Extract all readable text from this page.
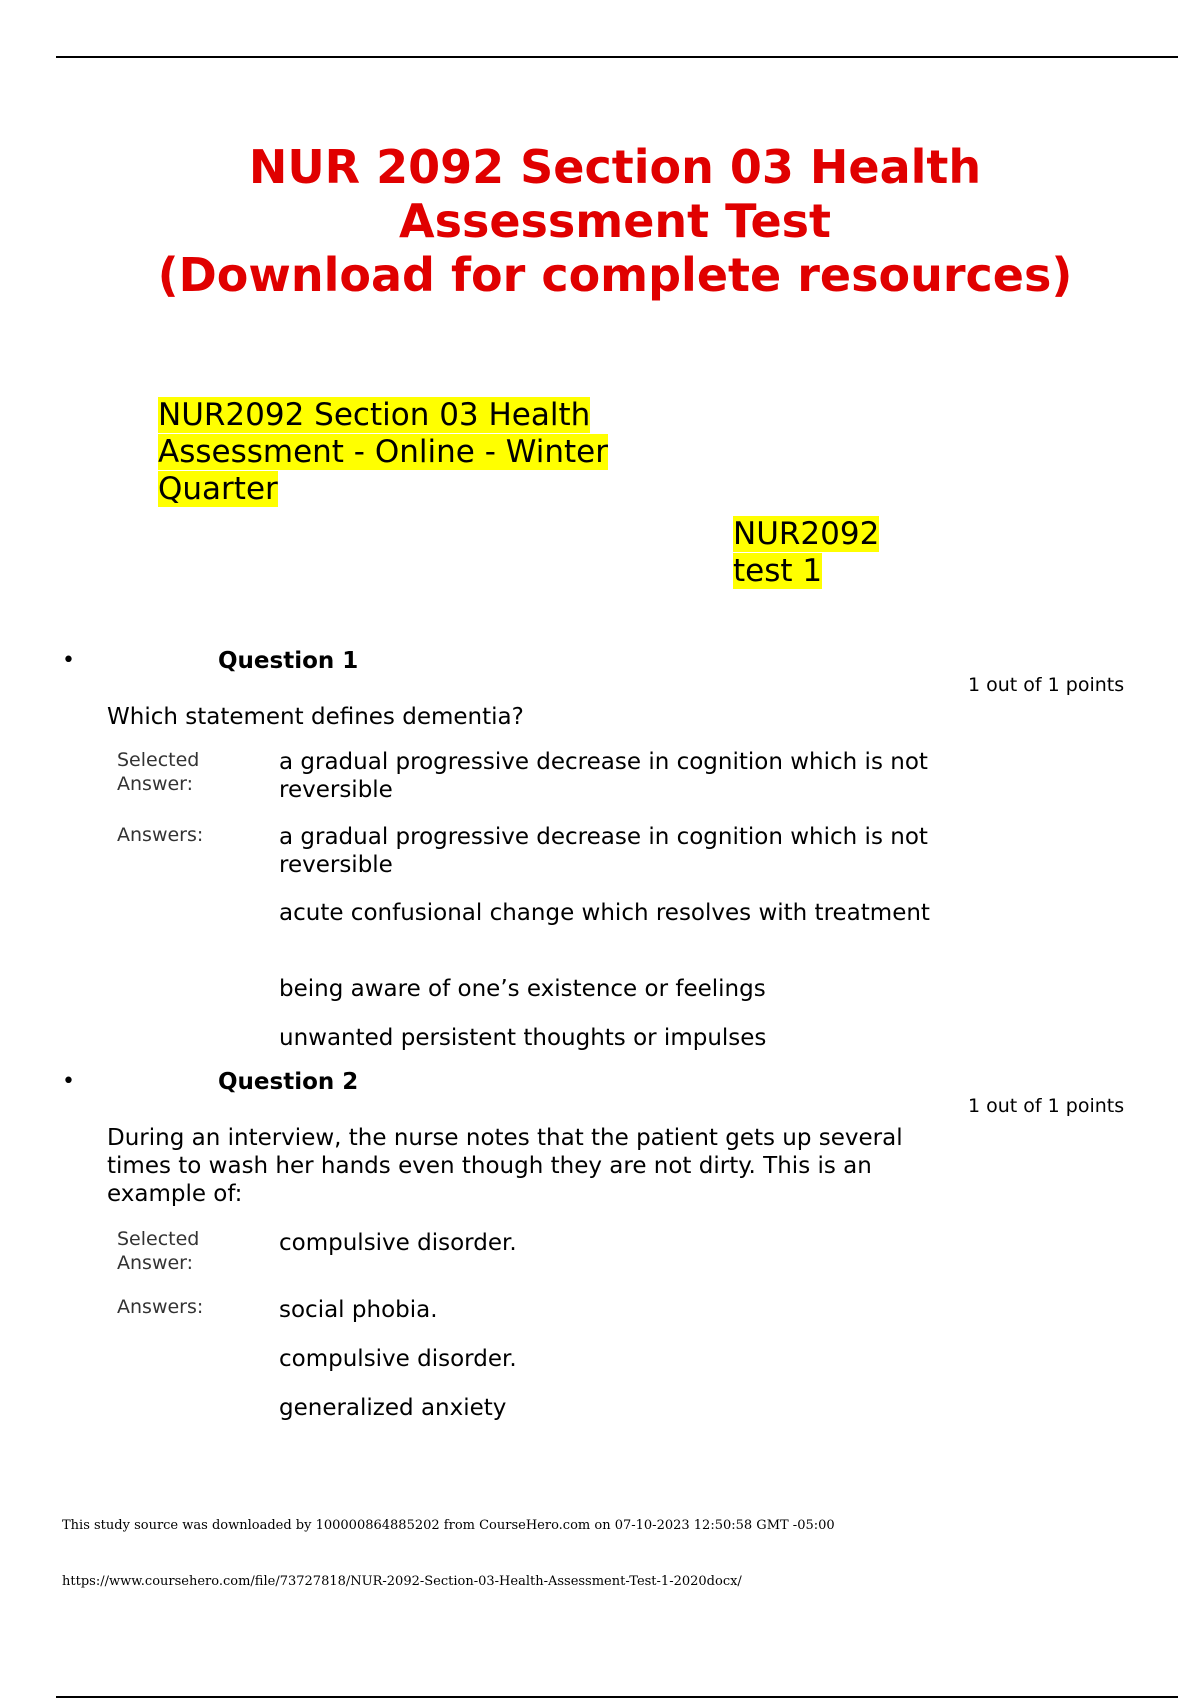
NUR 2092 Section 03 Health
Assessment Test
(Download for complete resources)
NUR2092 Section 03 Health Assessment - Online - Winter Quarter
NUR2092 test 1
•	Question 1
1 out of 1 points
Which statement defines dementia?
Selected Answer:
a gradual progressive decrease in cognition which is not reversible
Answers:	a gradual progressive decrease in cognition which is not reversible
acute confusional change which resolves with treatment
being aware of one’s existence or feelings
unwanted persistent thoughts or impulses
•	Question 2
1 out of 1 points
During an interview, the nurse notes that the patient gets up several times to wash her hands even though they are not dirty. This is an example of:
Selected Answer:
compulsive disorder.
Answers:	social phobia.
compulsive disorder.
generalized anxiety
This study source was downloaded by 100000864885202 from CourseHero.com on 07-10-2023 12:50:58 GMT -05:00
https://www.coursehero.com/file/73727818/NUR-2092-Section-03-Health-Assessment-Test-1-2020docx/
